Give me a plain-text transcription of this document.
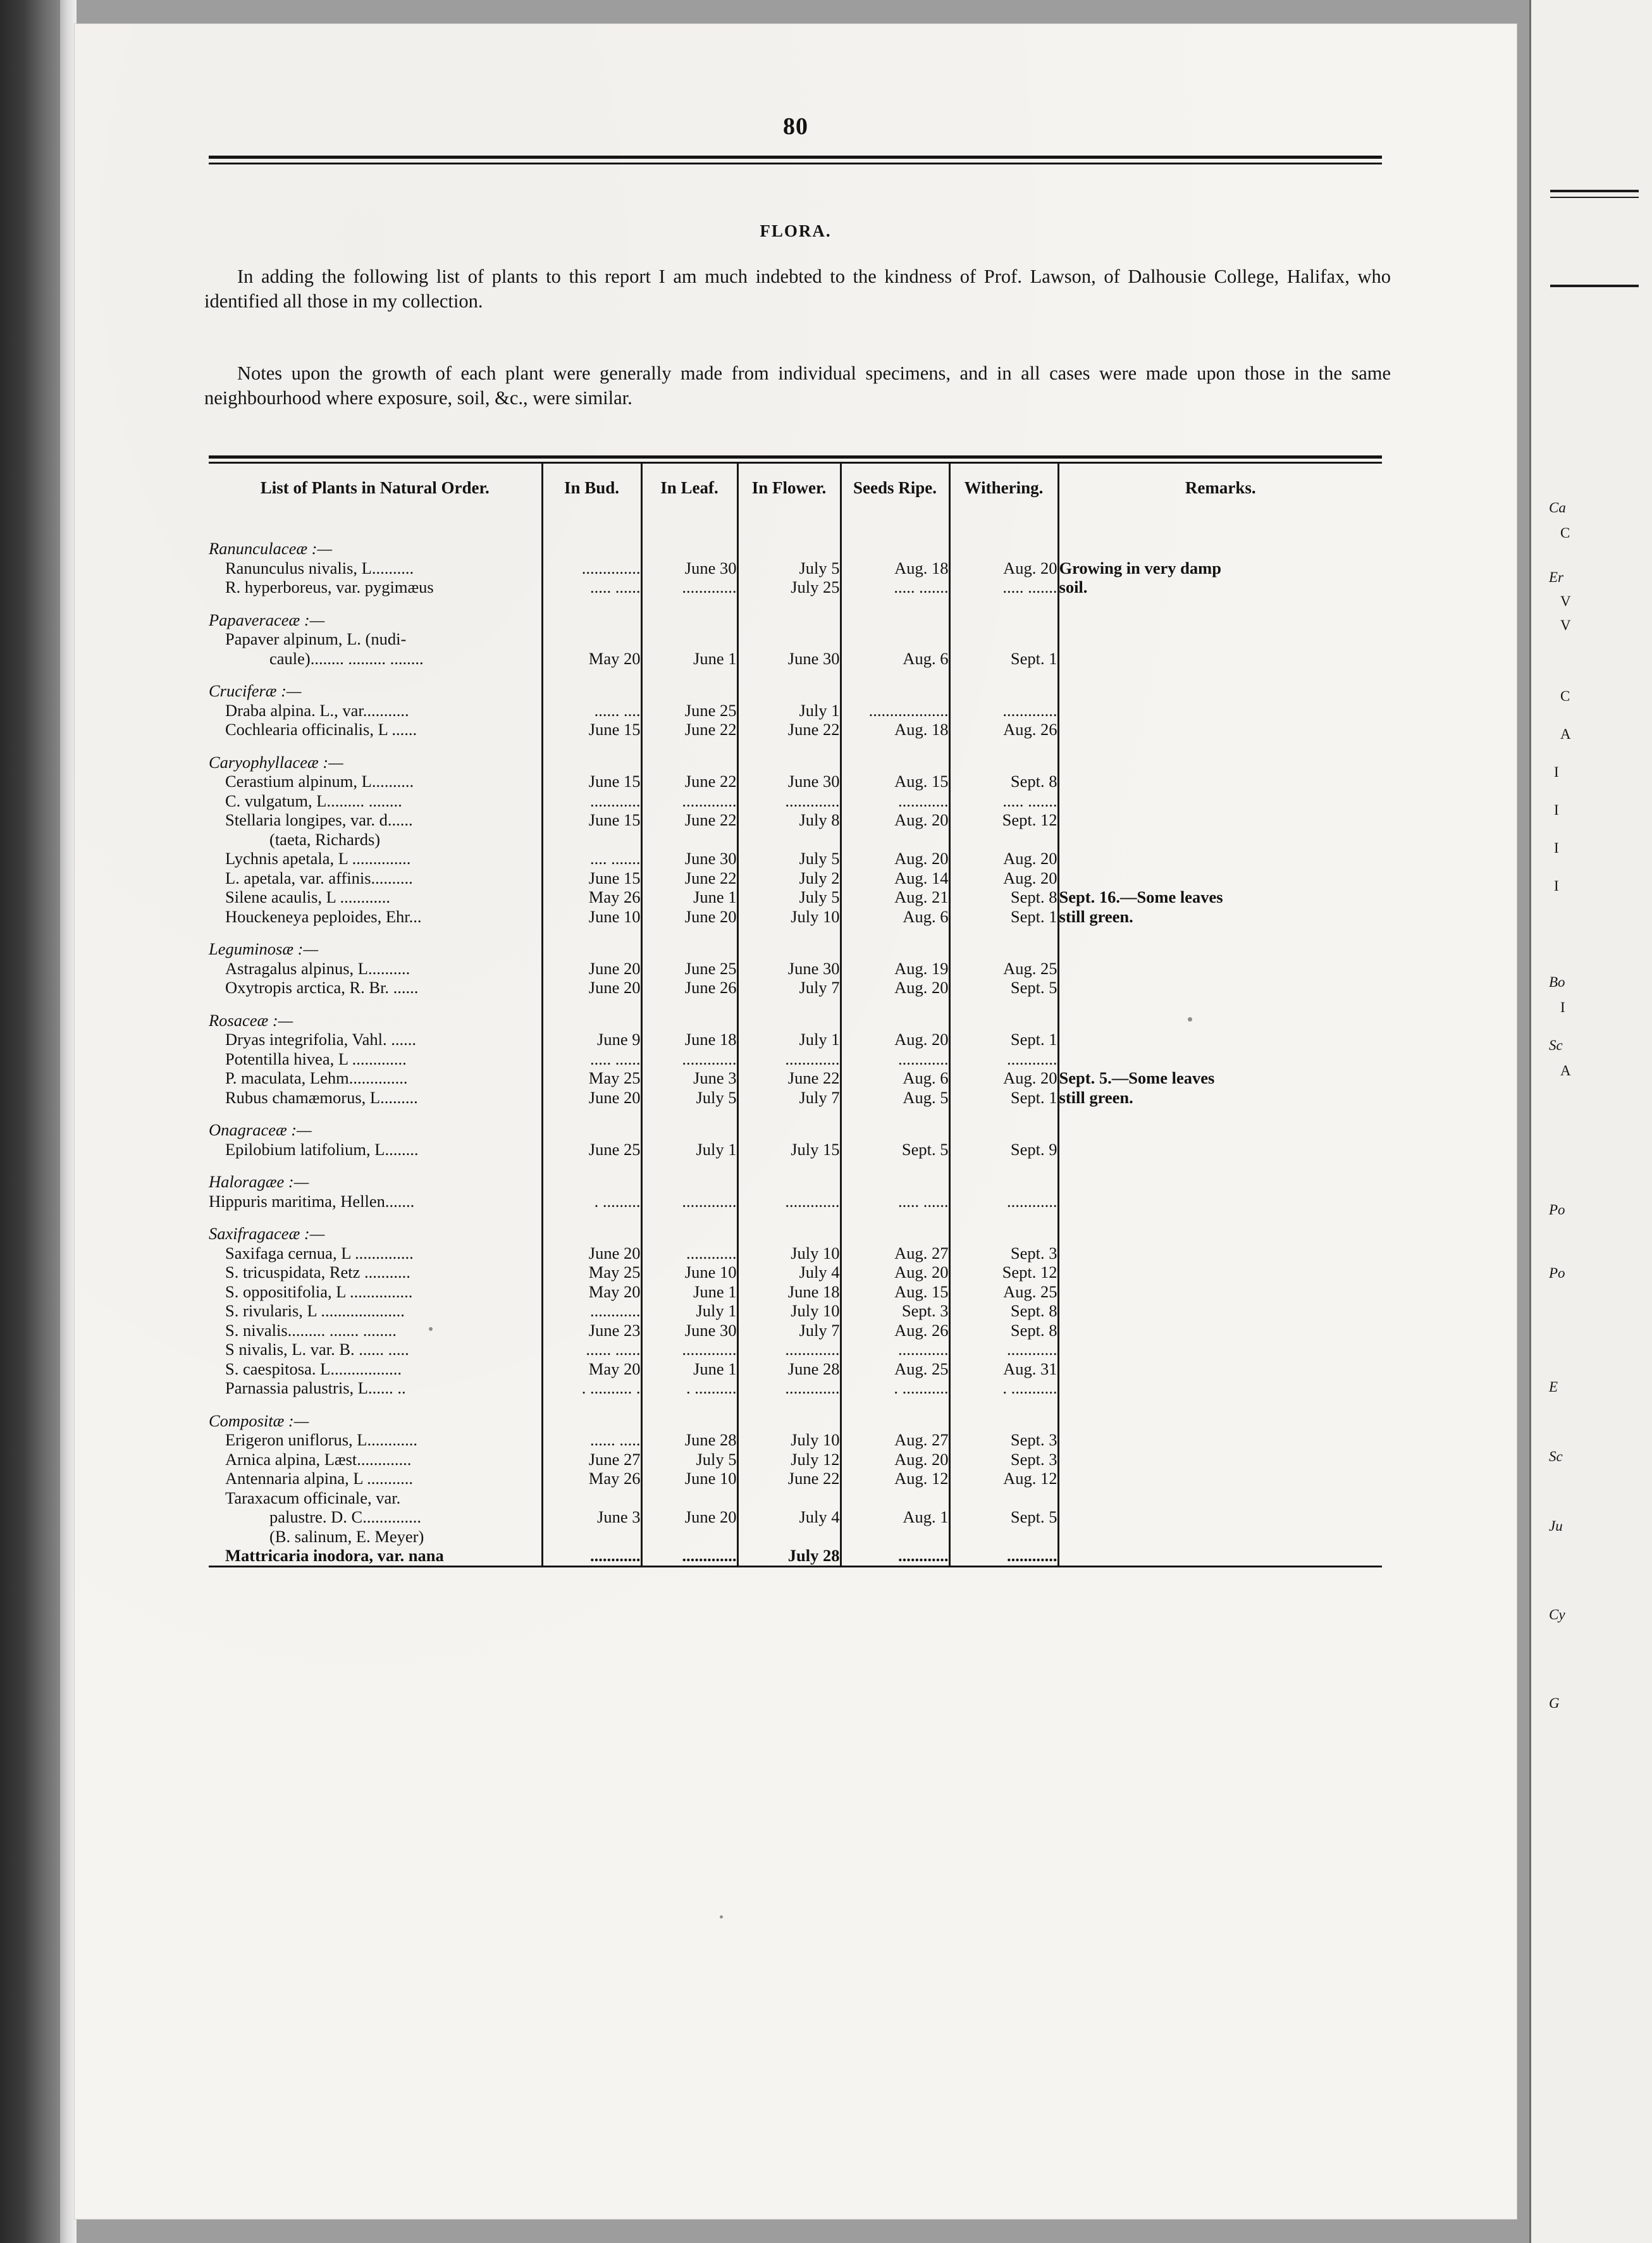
Ca
C
Er
V
V
C
A
I
I
I
I
Bo
I
Sc
A
Po
Po
E
Sc
Ju
Cy
G
80
FLORA.
In adding the following list of plants to this report I am much indebted to the kindness of Prof. Lawson, of Dalhousie College, Halifax, who identified all those in my collection.
Notes upon the growth of each plant were generally made from individual specimens, and in all cases were made upon those in the same neighbourhood where exposure, soil, &c., were similar.
List of Plants in Natural Order.	In Bud.	In Leaf.	In Flower.	Seeds Ripe.	Withering.	Remarks.

Ranunculaceæ :—						
Ranunculus nivalis, L..........	..............	June 30	July 5	Aug. 18	Aug. 20	Growing in very damp
R. hyperboreus, var. pygimæus	..... ......	.............	July 25	..... .......	..... .......	soil.
Papaveraceæ :—						
Papaver alpinum, L. (nudi-						
caule)........ ......... ........	May 20	June 1	June 30	Aug. 6	Sept. 1	
Cruciferæ :—						
Draba alpina. L., var...........	...... ....	June 25	July 1	...................	.............	
Cochlearia officinalis, L ......	June 15	June 22	June 22	Aug. 18	Aug. 26	
Caryophyllaceæ :—						
Cerastium alpinum, L..........	June 15	June 22	June 30	Aug. 15	Sept. 8	
C. vulgatum, L......... ........	............	.............	.............	............	..... .......	
Stellaria longipes, var. d......	June 15	June 22	July 8	Aug. 20	Sept. 12	
(taeta, Richards)						
Lychnis apetala, L ..............	.... .......	June 30	July 5	Aug. 20	Aug. 20	
L. apetala, var. affinis..........	June 15	June 22	July 2	Aug. 14	Aug. 20	
Silene acaulis, L ............	May 26	June 1	July 5	Aug. 21	Sept. 8	Sept. 16.—Some leaves
Houckeneya peploides, Ehr...	June 10	June 20	July 10	Aug. 6	Sept. 1	still green.
Leguminosæ :—						
Astragalus alpinus, L..........	June 20	June 25	June 30	Aug. 19	Aug. 25	
Oxytropis arctica, R. Br. ......	June 20	June 26	July 7	Aug. 20	Sept. 5	
Rosaceæ :—						
Dryas integrifolia, Vahl. ......	June 9	June 18	July 1	Aug. 20	Sept. 1	
Potentilla hivea, L .............	..... ......	.............	.............	............	............	
P. maculata, Lehm..............	May 25	June 3	June 22	Aug. 6	Aug. 20	Sept. 5.—Some leaves
Rubus chamæmorus, L.........	June 20	July 5	July 7	Aug. 5	Sept. 1	still green.
Onagraceæ :—						
Epilobium latifolium, L........	June 25	July 1	July 15	Sept. 5	Sept. 9	
Haloragæe :—						
Hippuris maritima, Hellen.......	. .........	.............	.............	..... ......	............	
Saxifragaceæ :—						
Saxifaga cernua, L ..............	June 20	............	July 10	Aug. 27	Sept. 3	
S. tricuspidata, Retz ...........	May 25	June 10	July 4	Aug. 20	Sept. 12	
S. oppositifolia, L ...............	May 20	June 1	June 18	Aug. 15	Aug. 25	
S. rivularis, L ....................	............	July 1	July 10	Sept. 3	Sept. 8	
S. nivalis......... ....... ........	June 23	June 30	July 7	Aug. 26	Sept. 8	
S nivalis, L. var. B. ...... .....	...... ......	.............	.............	............	............	
S. caespitosa. L.................	May 20	June 1	June 28	Aug. 25	Aug. 31	
Parnassia palustris, L...... ..	. .......... .	. ..........	.............	. ...........	. ...........	
Compositæ :—						
Erigeron uniflorus, L............	...... .....	June 28	July 10	Aug. 27	Sept. 3	
Arnica alpina, Læst.............	June 27	July 5	July 12	Aug. 20	Sept. 3	
Antennaria alpina, L ...........	May 26	June 10	June 22	Aug. 12	Aug. 12	
Taraxacum officinale, var.						
palustre. D. C..............	June 3	June 20	July 4	Aug. 1	Sept. 5	
(B. salinum, E. Meyer)						
Mattricaria inodora, var. nana	............	.............	July 28	............	............	
